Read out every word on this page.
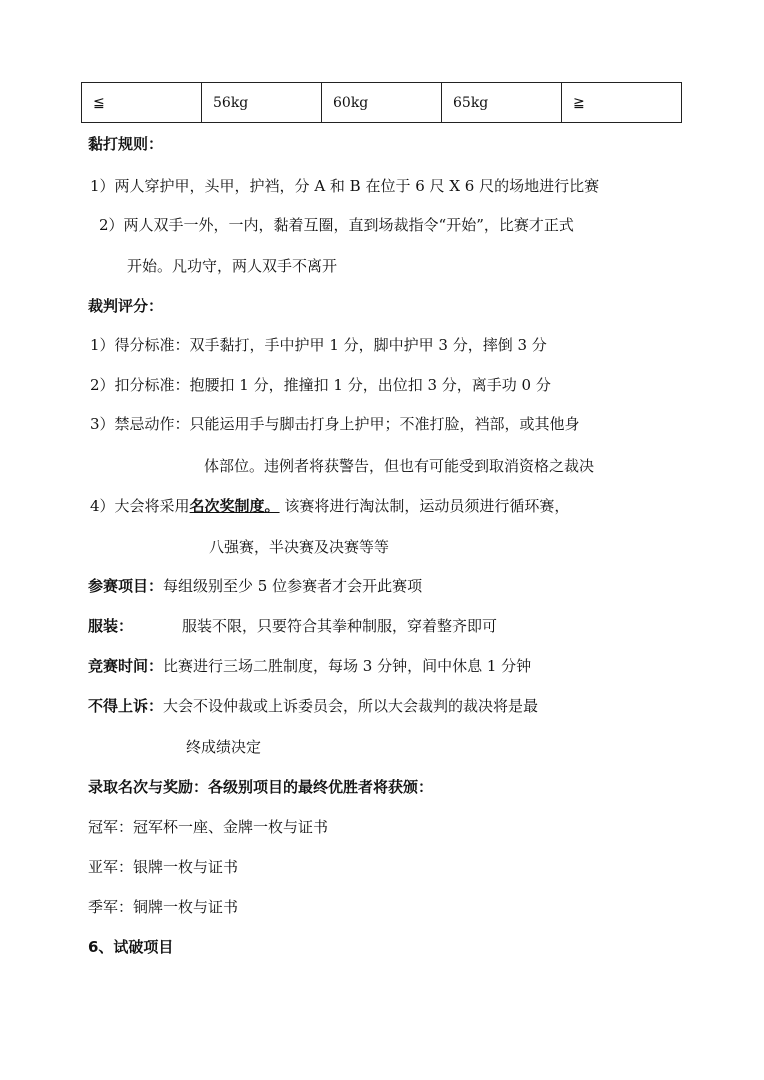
≦	56kg	60kg	65kg	≧
黏打规则：
1）两人穿护甲，头甲，护裆，分 A 和 B 在位于 6 尺 X 6 尺的场地进行比赛
2）两人双手一外，一内，黏着互圈，直到场裁指令“开始”，比赛才正式
开始。凡功守，两人双手不离开
裁判评分：
1）得分标准：双手黏打，手中护甲 1 分，脚中护甲 3 分，摔倒 3 分
2）扣分标准：抱腰扣 1 分，推撞扣 1 分，出位扣 3 分，离手功 0 分
3）禁忌动作：只能运用手与脚击打身上护甲；不准打脸，裆部，或其他身
体部位。违例者将获警告，但也有可能受到取消资格之裁决
4）大会将采用名次奖制度。 该赛将进行淘汰制，运动员须进行循环赛，
八强赛，半决赛及决赛等等
参赛项目：每组级别至少 5 位参赛者才会开此赛项
服装：	服装不限，只要符合其拳种制服，穿着整齐即可
竞赛时间：比赛进行三场二胜制度，每场 3 分钟，间中休息 1 分钟
不得上诉：大会不设仲裁或上诉委员会，所以大会裁判的裁决将是最
终成绩决定
录取名次与奖励：各级别项目的最终优胜者将获颁：
冠军：冠军杯一座、金牌一枚与证书
亚军：银牌一枚与证书
季军：铜牌一枚与证书
6、试破项目
